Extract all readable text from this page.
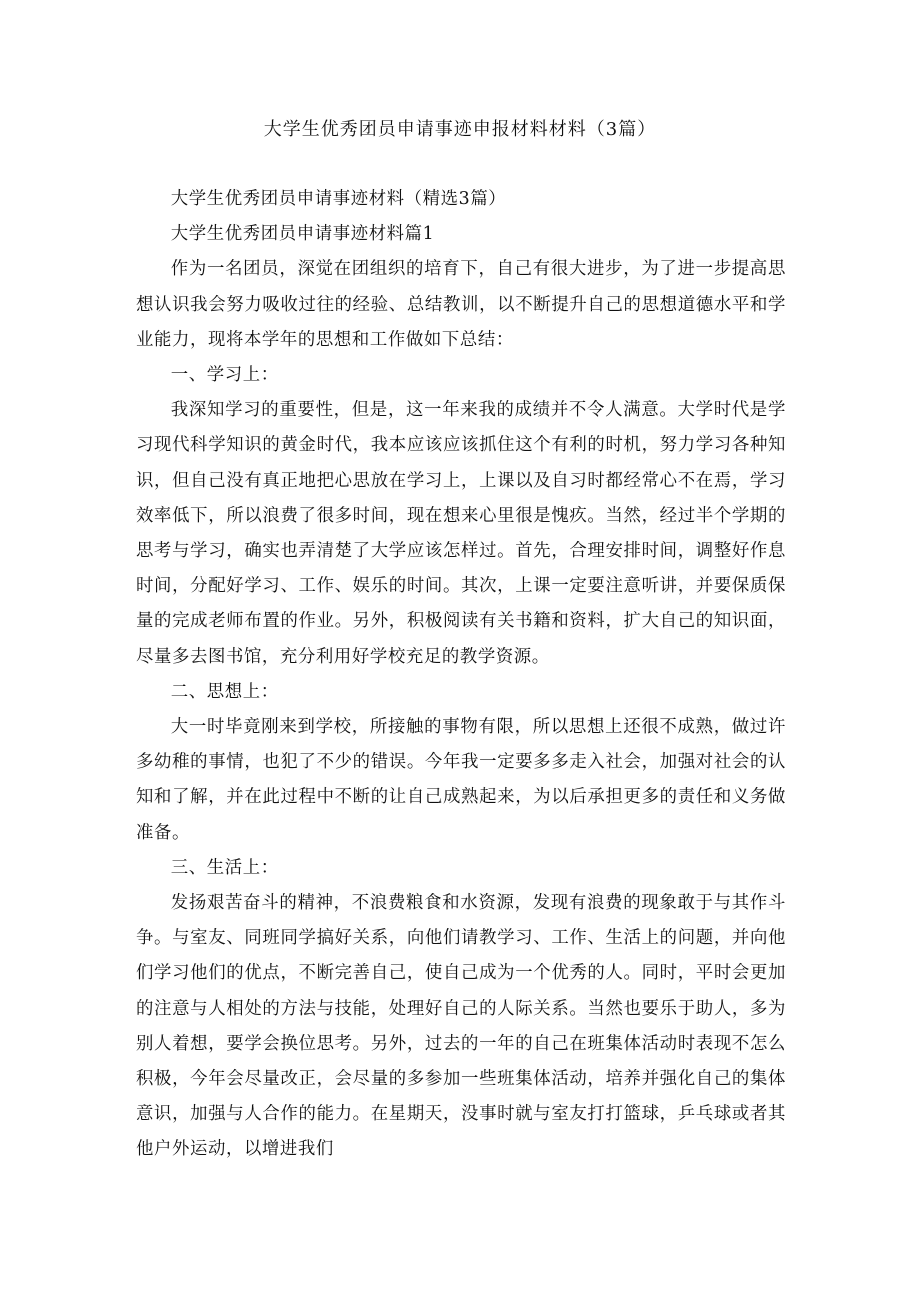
大学生优秀团员申请事迹申报材料材料（3篇）

大学生优秀团员申请事迹材料（精选3篇）

大学生优秀团员申请事迹材料篇1

作为一名团员，深觉在团组织的培育下，自己有很大进步，为了进一步提高思想认识我会努力吸收过往的经验、总结教训，以不断提升自己的思想道德水平和学业能力，现将本学年的思想和工作做如下总结：

一、学习上：

我深知学习的重要性，但是，这一年来我的成绩并不令人满意。大学时代是学习现代科学知识的黄金时代，我本应该应该抓住这个有利的时机，努力学习各种知识，但自己没有真正地把心思放在学习上，上课以及自习时都经常心不在焉，学习效率低下，所以浪费了很多时间，现在想来心里很是愧疚。当然，经过半个学期的思考与学习，确实也弄清楚了大学应该怎样过。首先，合理安排时间，调整好作息时间，分配好学习、工作、娱乐的时间。其次，上课一定要注意听讲，并要保质保量的完成老师布置的作业。另外，积极阅读有关书籍和资料，扩大自己的知识面，尽量多去图书馆，充分利用好学校充足的教学资源。

二、思想上：

大一时毕竟刚来到学校，所接触的事物有限，所以思想上还很不成熟，做过许多幼稚的事情，也犯了不少的错误。今年我一定要多多走入社会，加强对社会的认知和了解，并在此过程中不断的让自己成熟起来，为以后承担更多的责任和义务做准备。

三、生活上：

发扬艰苦奋斗的精神，不浪费粮食和水资源，发现有浪费的现象敢于与其作斗争。与室友、同班同学搞好关系，向他们请教学习、工作、生活上的问题，并向他们学习他们的优点，不断完善自己，使自己成为一个优秀的人。同时，平时会更加的注意与人相处的方法与技能，处理好自己的人际关系。当然也要乐于助人，多为别人着想，要学会换位思考。另外，过去的一年的自己在班集体活动时表现不怎么积极，今年会尽量改正，会尽量的多参加一些班集体活动，培养并强化自己的集体意识，加强与人合作的能力。在星期天，没事时就与室友打打篮球，乒乓球或者其他户外运动，以增进我们
